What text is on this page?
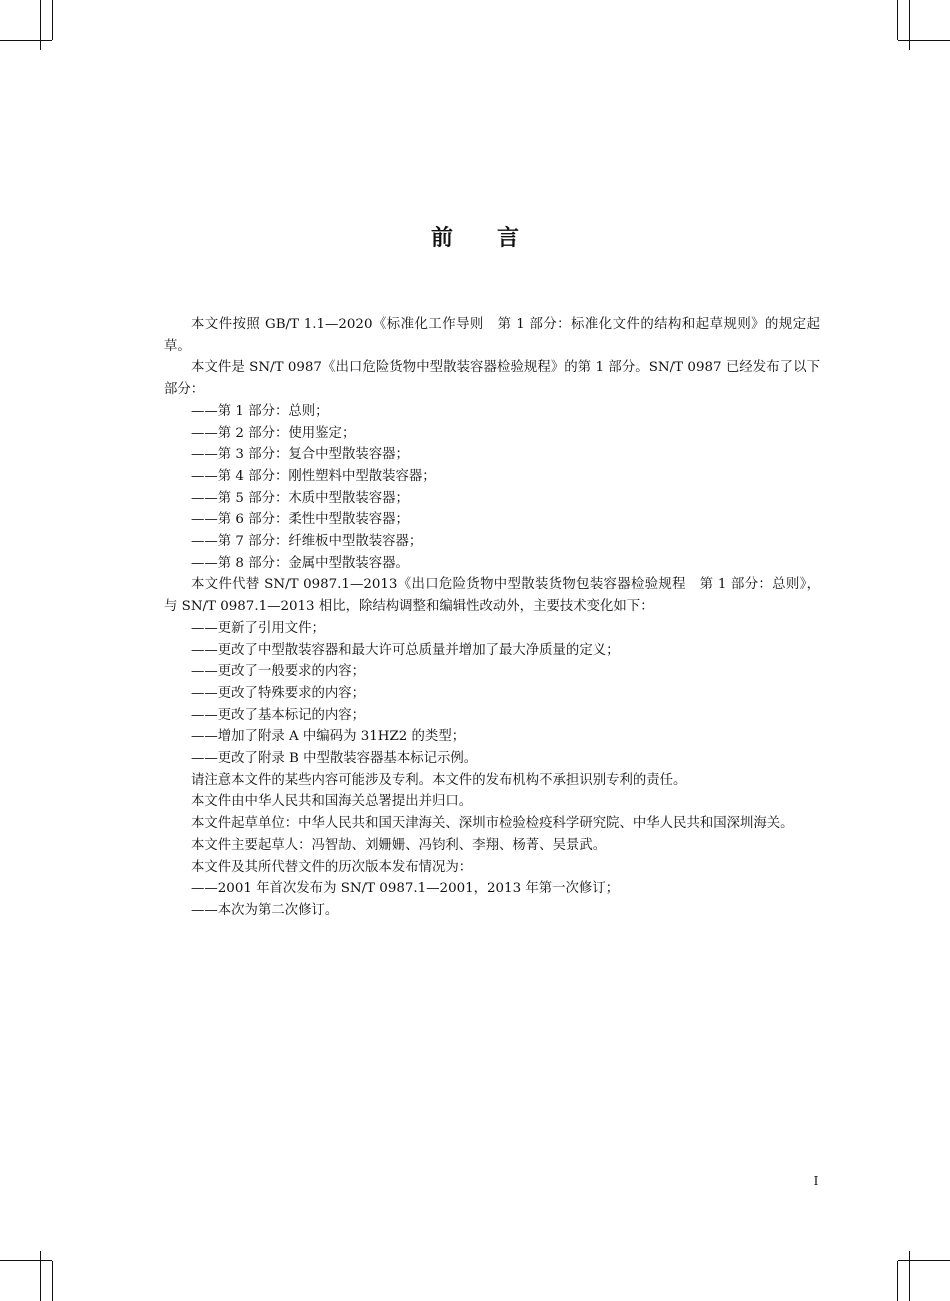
前 言

本文件按照 GB/T 1.1—2020《标准化工作导则　第 1 部分：标准化文件的结构和起草规则》的规定起草。

本文件是 SN/T 0987《出口危险货物中型散装容器检验规程》的第 1 部分。SN/T 0987 已经发布了以下部分：

——第 1 部分：总则；

——第 2 部分：使用鉴定；

——第 3 部分：复合中型散装容器；

——第 4 部分：刚性塑料中型散装容器；

——第 5 部分：木质中型散装容器；

——第 6 部分：柔性中型散装容器；

——第 7 部分：纤维板中型散装容器；

——第 8 部分：金属中型散装容器。

本文件代替 SN/T 0987.1—2013《出口危险货物中型散装货物包装容器检验规程　第 1 部分：总则》，与 SN/T 0987.1—2013 相比，除结构调整和编辑性改动外，主要技术变化如下：

——更新了引用文件；

——更改了中型散装容器和最大许可总质量并增加了最大净质量的定义；

——更改了一般要求的内容；

——更改了特殊要求的内容；

——更改了基本标记的内容；

——增加了附录 A 中编码为 31HZ2 的类型；

——更改了附录 B 中型散装容器基本标记示例。

请注意本文件的某些内容可能涉及专利。本文件的发布机构不承担识别专利的责任。

本文件由中华人民共和国海关总署提出并归口。

本文件起草单位：中华人民共和国天津海关、深圳市检验检疫科学研究院、中华人民共和国深圳海关。

本文件主要起草人：冯智劼、刘姗姗、冯钧利、李翔、杨菁、吴景武。

本文件及其所代替文件的历次版本发布情况为：

——2001 年首次发布为 SN/T 0987.1—2001，2013 年第一次修订；

——本次为第二次修订。

I
